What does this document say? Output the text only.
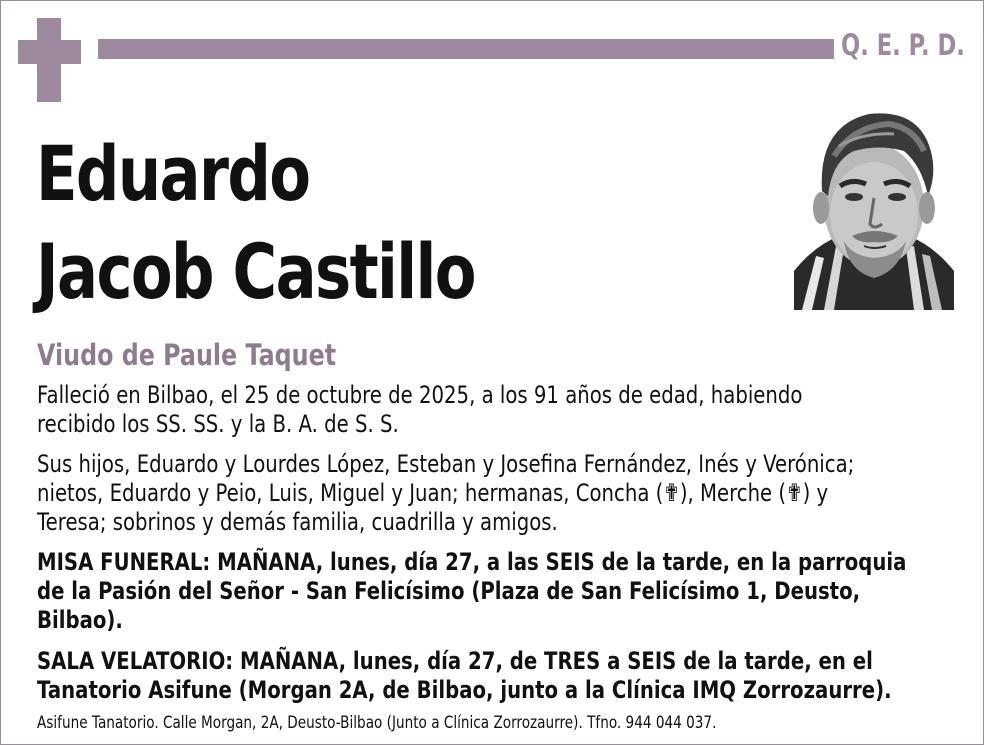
Q. E. P. D.
Eduardo
Jacob Castillo
Viudo de Paule Taquet
Falleció en Bilbao, el 25 de octubre de 2025, a los 91 años de edad, habiendo
recibido los SS. SS. y la B. A. de S. S.
Sus hijos, Eduardo y Lourdes López, Esteban y Josefina Fernández, Inés y Verónica;
nietos, Eduardo y Peio, Luis, Miguel y Juan; hermanas, Concha (✟), Merche (✟) y
Teresa; sobrinos y demás familia, cuadrilla y amigos.
MISA FUNERAL: MAÑANA, lunes, día 27, a las SEIS de la tarde, en la parroquia
de la Pasión del Señor - San Felicísimo (Plaza de San Felicísimo 1, Deusto,
Bilbao).
SALA VELATORIO: MAÑANA, lunes, día 27, de TRES a SEIS de la tarde, en el
Tanatorio Asifune (Morgan 2A, de Bilbao, junto a la Clínica IMQ Zorrozaurre).
Asifune Tanatorio. Calle Morgan, 2A, Deusto-Bilbao (Junto a Clínica Zorrozaurre). Tfno. 944 044 037.
